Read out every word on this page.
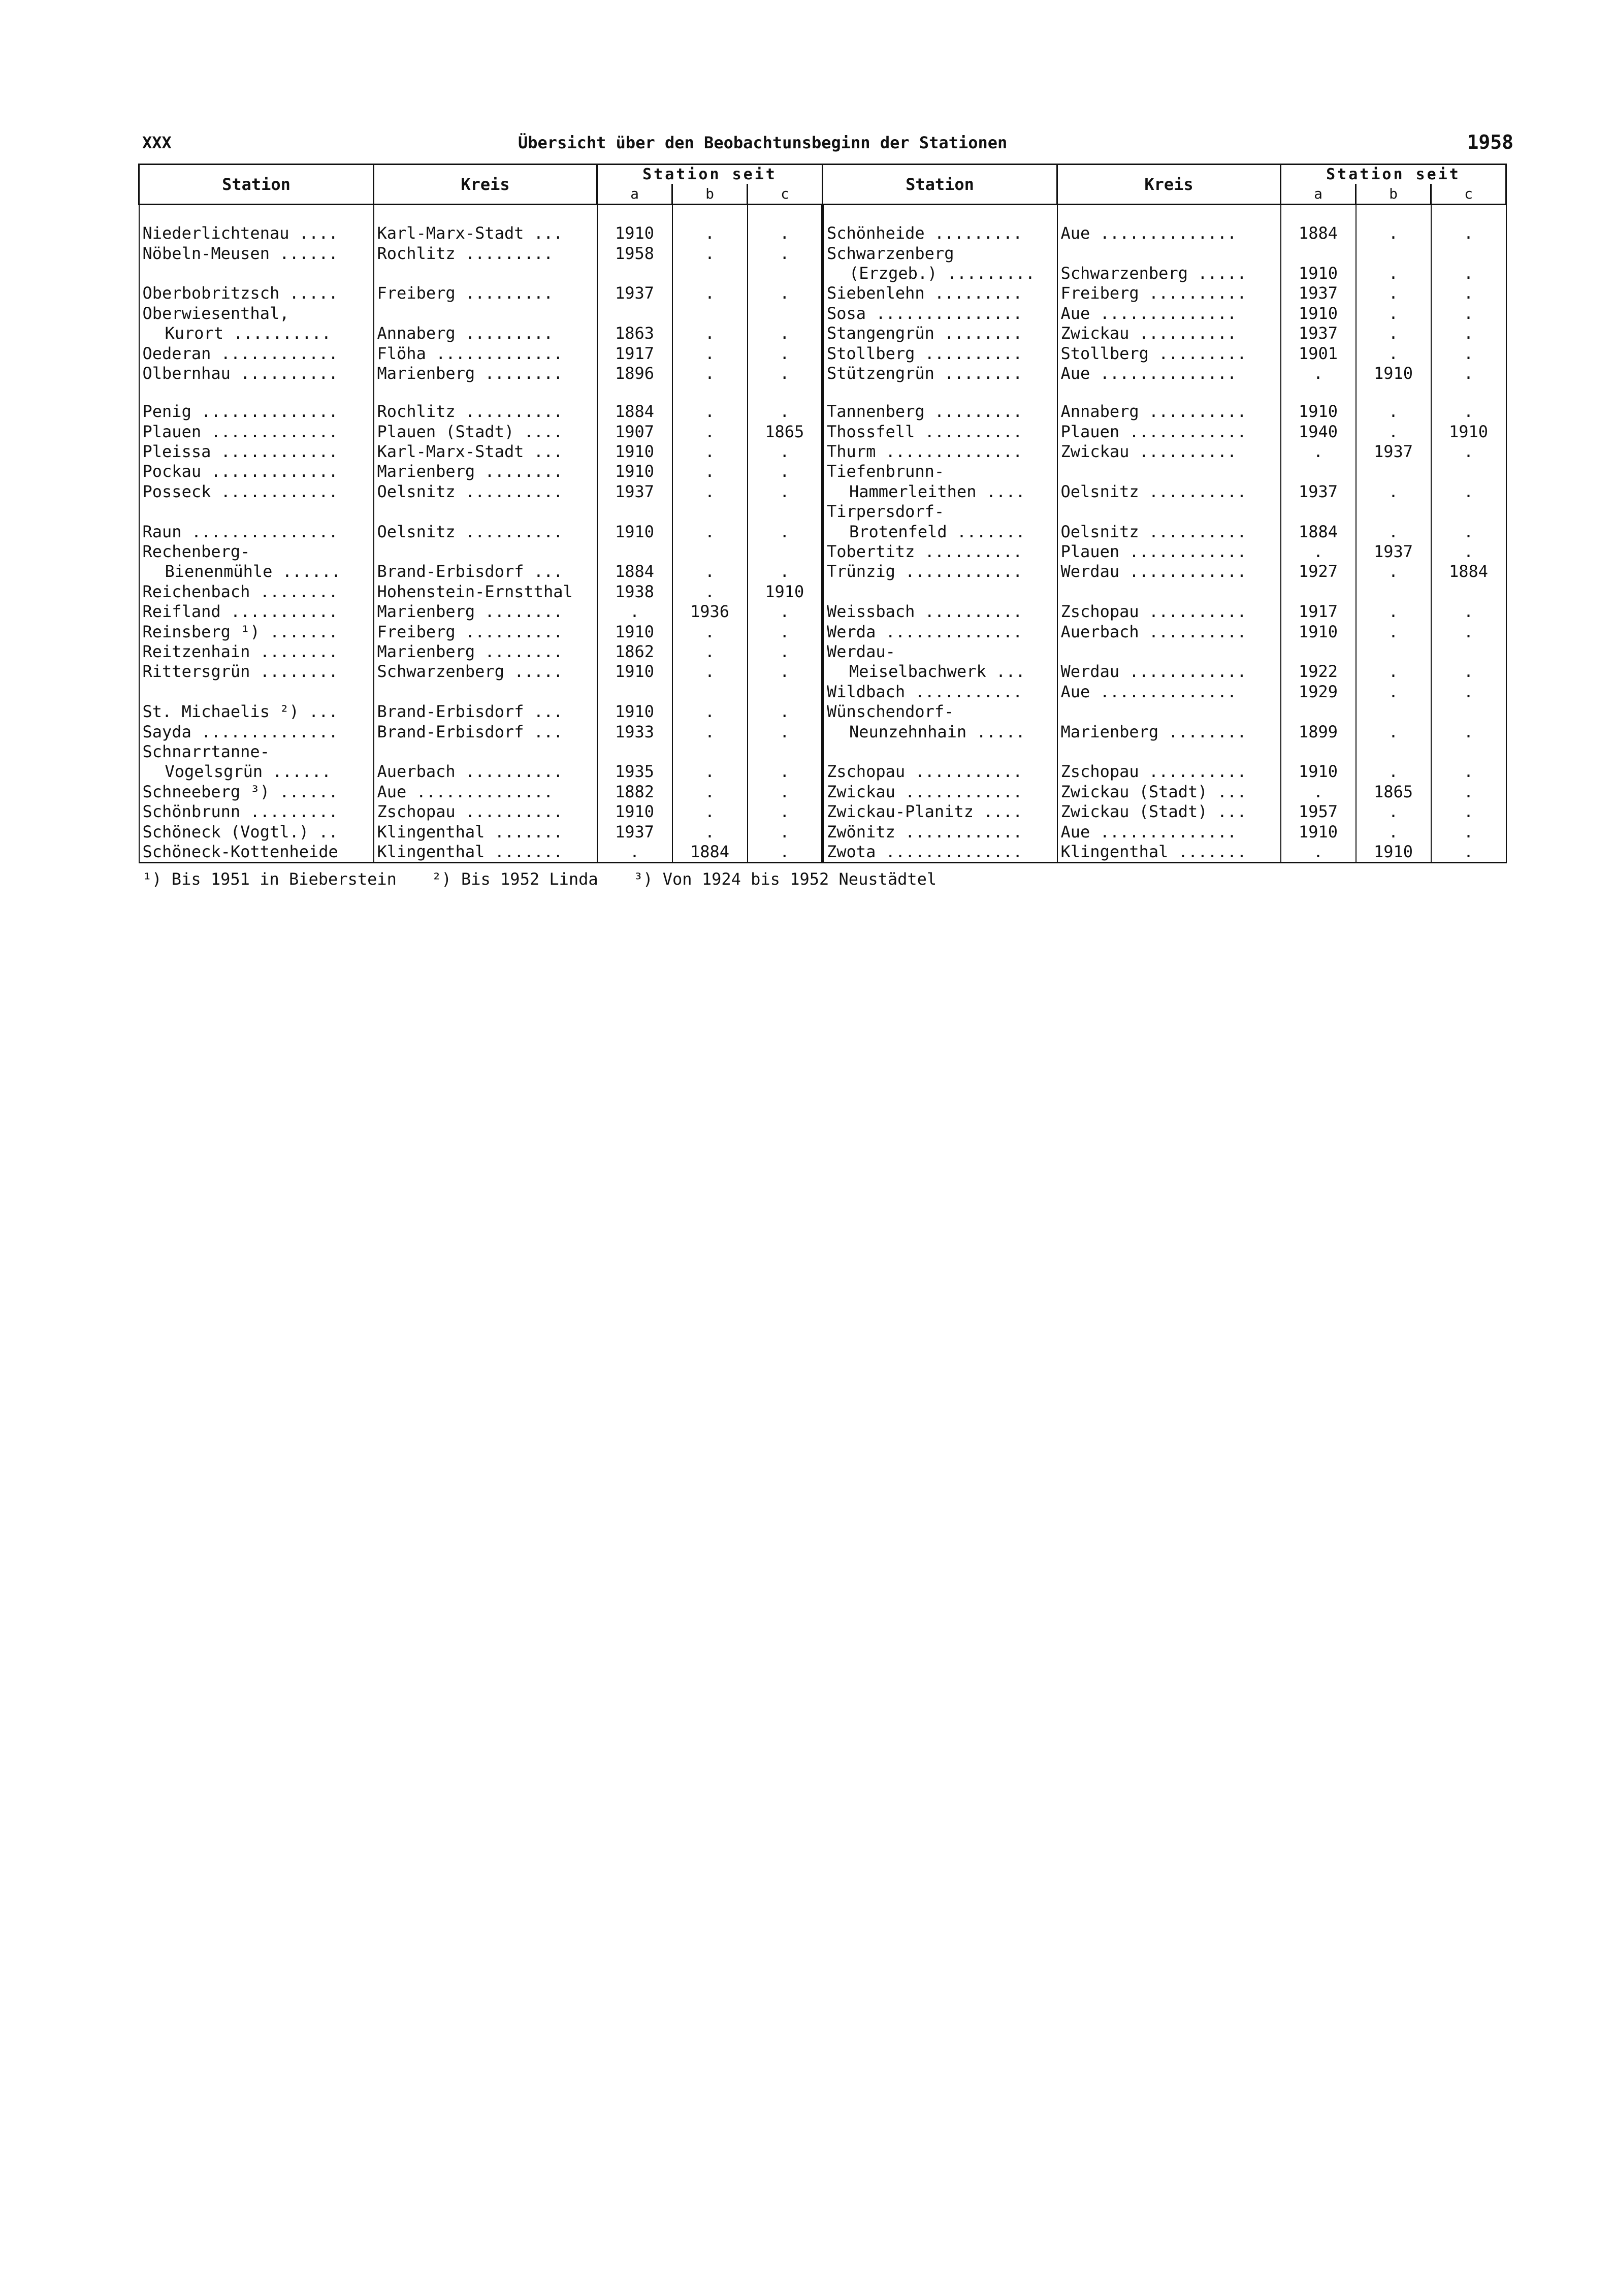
XXX	Übersicht über den Beobachtunsbeginn der Stationen	1958
Station	Kreis	Station seit			Station	Kreis	Station seit		
		a	b	c			a	b	c

Niederlichtenau ....	Karl-Marx-Stadt ...	1910	.	.	Schönheide .........	Aue ..............	1884	.	.
Nöbeln-Meusen ......	Rochlitz .........	1958	.	.	Schwarzenberg				
					(Erzgeb.) .........	Schwarzenberg .....	1910	.	.
Oberbobritzsch .....	Freiberg .........	1937	.	.	Siebenlehn .........	Freiberg ..........	1937	.	.
Oberwiesenthal,					Sosa ...............	Aue ..............	1910	.	.
Kurort ..........	Annaberg .........	1863	.	.	Stangengrün ........	Zwickau ..........	1937	.	.
Oederan ............	Flöha .............	1917	.	.	Stollberg ..........	Stollberg .........	1901	.	.
Olbernhau ..........	Marienberg ........	1896	.	.	Stützengrün ........	Aue ..............	.	1910	.

Penig ..............	Rochlitz ..........	1884	.	.	Tannenberg .........	Annaberg ..........	1910	.	.
Plauen .............	Plauen (Stadt) ....	1907	.	1865	Thossfell ..........	Plauen ............	1940	.	1910
Pleissa ............	Karl-Marx-Stadt ...	1910	.	.	Thurm ..............	Zwickau ..........	.	1937	.
Pockau .............	Marienberg ........	1910	.	.	Tiefenbrunn-				
Posseck ............	Oelsnitz ..........	1937	.	.	Hammerleithen ....	Oelsnitz ..........	1937	.	.
					Tirpersdorf-				
Raun ...............	Oelsnitz ..........	1910	.	.	Brotenfeld .......	Oelsnitz ..........	1884	.	.
Rechenberg-					Tobertitz ..........	Plauen ............	.	1937	.
Bienenmühle ......	Brand-Erbisdorf ...	1884	.	.	Trünzig ............	Werdau ............	1927	.	1884
Reichenbach ........	Hohenstein-Ernstthal	1938	.	1910					
Reifland ...........	Marienberg ........	.	1936	.	Weissbach ..........	Zschopau ..........	1917	.	.
Reinsberg ¹) .......	Freiberg ..........	1910	.	.	Werda ..............	Auerbach ..........	1910	.	.
Reitzenhain ........	Marienberg ........	1862	.	.	Werdau-				
Rittersgrün ........	Schwarzenberg .....	1910	.	.	Meiselbachwerk ...	Werdau ............	1922	.	.
					Wildbach ...........	Aue ..............	1929	.	.
St. Michaelis ²) ...	Brand-Erbisdorf ...	1910	.	.	Wünschendorf-				
Sayda ..............	Brand-Erbisdorf ...	1933	.	.	Neunzehnhain .....	Marienberg ........	1899	.	.
Schnarrtanne-									
Vogelsgrün ......	Auerbach ..........	1935	.	.	Zschopau ...........	Zschopau ..........	1910	.	.
Schneeberg ³) ......	Aue ..............	1882	.	.	Zwickau ............	Zwickau (Stadt) ...	.	1865	.
Schönbrunn .........	Zschopau ..........	1910	.	.	Zwickau-Planitz ....	Zwickau (Stadt) ...	1957	.	.
Schöneck (Vogtl.) ..	Klingenthal .......	1937	.	.	Zwönitz ............	Aue ..............	1910	.	.
Schöneck-Kottenheide	Klingenthal .......	.	1884	.	Zwota ..............	Klingenthal .......	.	1910	.
¹) Bis 1951 in Bieberstein ²) Bis 1952 Linda ³) Von 1924 bis 1952 Neustädtel
